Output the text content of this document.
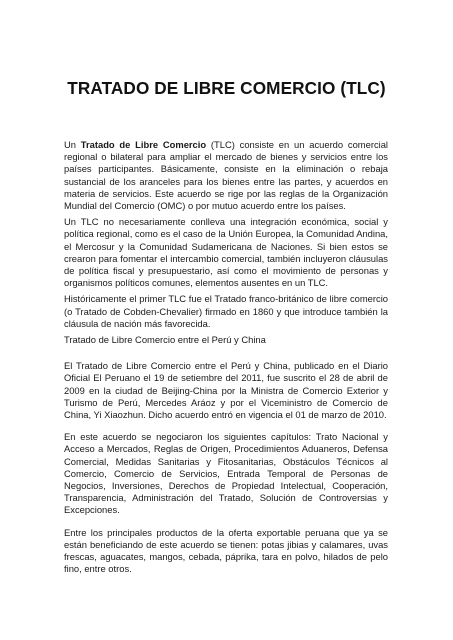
TRATADO DE LIBRE COMERCIO (TLC)

Un Tratado de Libre Comercio (TLC) consiste en un acuerdo comercial regional o bilateral para ampliar el mercado de bienes y servicios entre los países participantes. Básicamente, consiste en la eliminación o rebaja sustancial de los aranceles para los bienes entre las partes, y acuerdos en materia de servicios. Este acuerdo se rige por las reglas de la Organización Mundial del Comercio (OMC) o por mutuo acuerdo entre los países.

Un TLC no necesariamente conlleva una integración económica, social y política regional, como es el caso de la Unión Europea, la Comunidad Andina, el Mercosur y la Comunidad Sudamericana de Naciones. Si bien estos se crearon para fomentar el intercambio comercial, también incluyeron cláusulas de política fiscal y presupuestario, así como el movimiento de personas y organismos políticos comunes, elementos ausentes en un TLC.

Históricamente el primer TLC fue el Tratado franco-británico de libre comercio (o Tratado de Cobden-Chevalier) firmado en 1860 y que introduce también la cláusula de nación más favorecida.

Tratado de Libre Comercio entre el Perú y China

El Tratado de Libre Comercio entre el Perú y China, publicado en el Diario Oficial El Peruano el 19 de setiembre del 2011, fue suscrito el 28 de abril de 2009 en la ciudad de Beijing-China por la Ministra de Comercio Exterior y Turismo de Perú, Mercedes Aráoz y por el Viceministro de Comercio de China, Yi Xiaozhun. Dicho acuerdo entró en vigencia el 01 de marzo de 2010.

En este acuerdo se negociaron los siguientes capítulos: Trato Nacional y Acceso a Mercados, Reglas de Origen, Procedimientos Aduaneros, Defensa Comercial, Medidas Sanitarias y Fitosanitarias, Obstáculos Técnicos al Comercio, Comercio de Servicios, Entrada Temporal de Personas de Negocios, Inversiones, Derechos de Propiedad Intelectual, Cooperación, Transparencia, Administración del Tratado, Solución de Controversias y Excepciones.

Entre los principales productos de la oferta exportable peruana que ya se están beneficiando de este acuerdo se tienen: potas jibias y calamares, uvas frescas, aguacates, mangos, cebada, páprika, tara en polvo, hilados de pelo fino, entre otros.
